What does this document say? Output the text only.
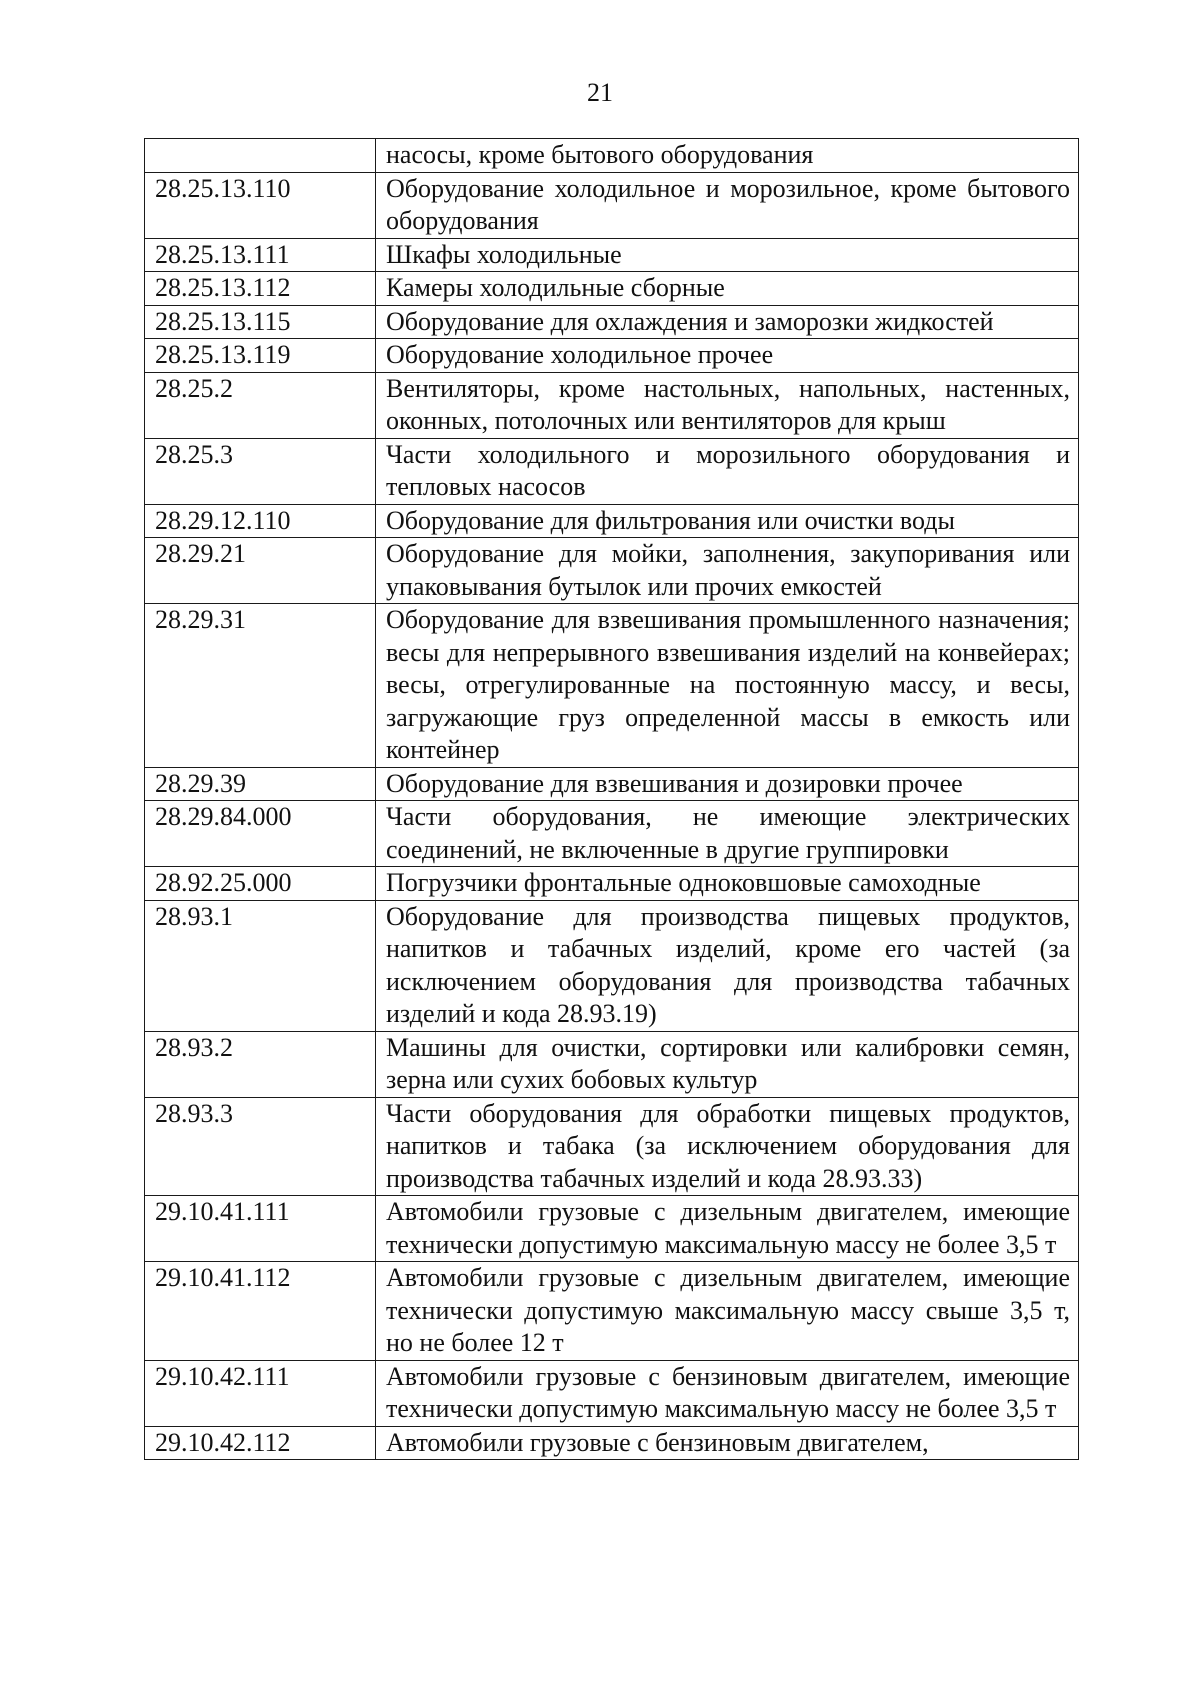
21
	насосы, кроме бытового оборудования
28.25.13.110	Оборудование холодильное и морозильное, кроме бытового оборудования
28.25.13.111	Шкафы холодильные
28.25.13.112	Камеры холодильные сборные
28.25.13.115	Оборудование для охлаждения и заморозки жидкостей
28.25.13.119	Оборудование холодильное прочее
28.25.2	Вентиляторы, кроме настольных, напольных, настенных, оконных, потолочных или вентиляторов для крыш
28.25.3	Части холодильного и морозильного оборудования и тепловых насосов
28.29.12.110	Оборудование для фильтрования или очистки воды
28.29.21	Оборудование для мойки, заполнения, закупоривания или упаковывания бутылок или прочих емкостей
28.29.31	Оборудование для взвешивания промышленного назначения; весы для непрерывного взвешивания изделий на конвейерах; весы, отрегулированные на постоянную массу, и весы, загружающие груз определенной массы в емкость или контейнер
28.29.39	Оборудование для взвешивания и дозировки прочее
28.29.84.000	Части оборудования, не имеющие электрических соединений, не включенные в другие группировки
28.92.25.000	Погрузчики фронтальные одноковшовые самоходные
28.93.1	Оборудование для производства пищевых продуктов, напитков и табачных изделий, кроме его частей (за исключением оборудования для производства табачных изделий и кода 28.93.19)
28.93.2	Машины для очистки, сортировки или калибровки семян, зерна или сухих бобовых культур
28.93.3	Части оборудования для обработки пищевых продуктов, напитков и табака (за исключением оборудования для производства табачных изделий и кода 28.93.33)
29.10.41.111	Автомобили грузовые с дизельным двигателем, имеющие технически допустимую максимальную массу не более 3,5 т
29.10.41.112	Автомобили грузовые с дизельным двигателем, имеющие технически допустимую максимальную массу свыше 3,5 т, но не более 12 т
29.10.42.111	Автомобили грузовые с бензиновым двигателем, имеющие технически допустимую максимальную массу не более 3,5 т
29.10.42.112	Автомобили грузовые с бензиновым двигателем,
